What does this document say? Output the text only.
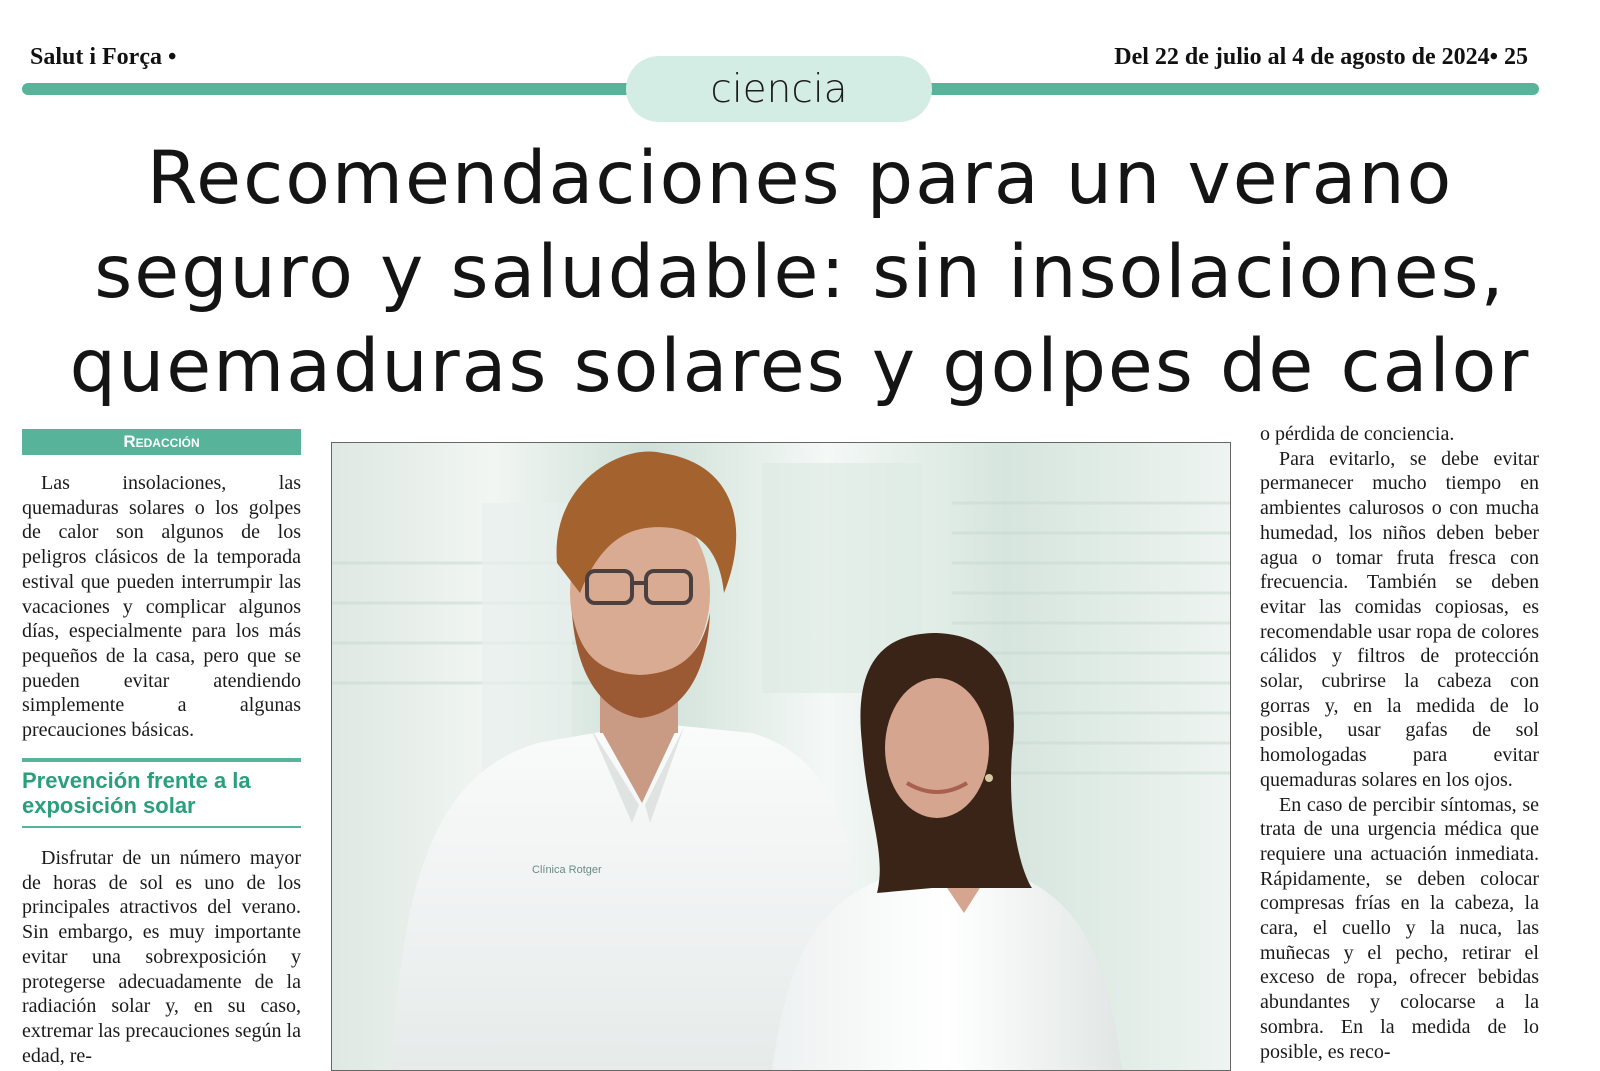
Salut i Força •	Del 22 de julio al 4 de agosto de 2024• 25
ciencia
Recomendaciones para un verano
seguro y saludable: sin insolaciones,
quemaduras solares y golpes de calor
Redacción

Las insolaciones, las quemaduras solares o los golpes de calor son algunos de los peligros clásicos de la temporada estival que pueden interrumpir las vacaciones y complicar algunos días, especialmente para los más pequeños de la casa, pero que se pueden evitar atendiendo simplemente a algunas precauciones básicas.

Prevención frente a la exposición solar

Disfrutar de un número mayor de horas de sol es uno de los principales atractivos del verano. Sin embargo, es muy importante evitar una sobrexposición y protegerse adecuadamente de la radiación solar y, en su caso, extremar las precauciones según la edad, re-

Clínica Rotger

o pérdida de conciencia.

Para evitarlo, se debe evitar permanecer mucho tiempo en ambientes calurosos o con mucha humedad, los niños deben beber agua o tomar fruta fresca con frecuencia. También se deben evitar las comidas copiosas, es recomendable usar ropa de colores cálidos y filtros de protección solar, cubrirse la cabeza con gorras y, en la medida de lo posible, usar gafas de sol homologadas para evitar quemaduras solares en los ojos.

En caso de percibir síntomas, se trata de una urgencia médica que requiere una actuación inmediata. Rápidamente, se deben colocar compresas frías en la cabeza, la cara, el cuello y la nuca, las muñecas y el pecho, retirar el exceso de ropa, ofrecer bebidas abundantes y colocarse a la sombra. En la medida de lo posible, es reco-
